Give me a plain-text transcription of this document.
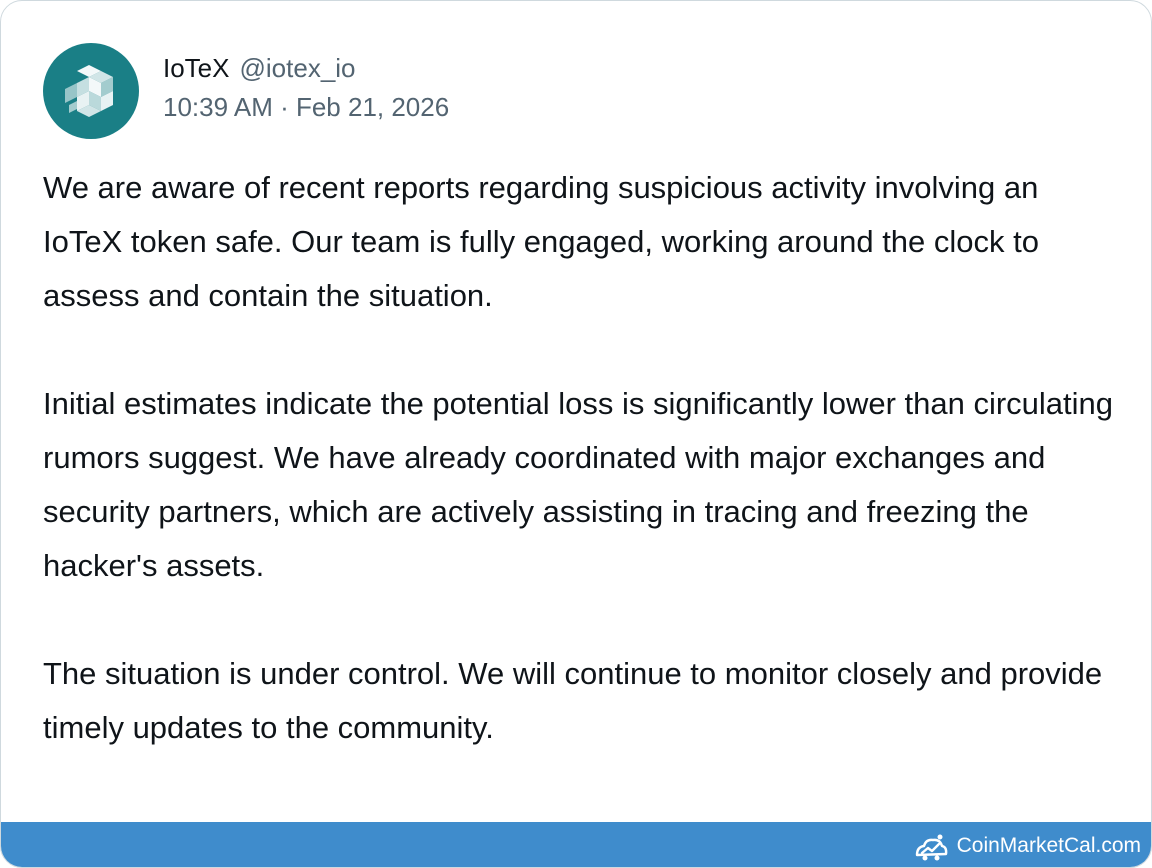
IoTeX @iotex_io
10:39 AM · Feb 21, 2026

We are aware of recent reports regarding suspicious activity involving an IoTeX token safe. Our team is fully engaged, working around the clock to assess and contain the situation.

Initial estimates indicate the potential loss is significantly lower than circulating rumors suggest. We have already coordinated with major exchanges and security partners, which are actively assisting in tracing and freezing the hacker's assets.

The situation is under control. We will continue to monitor closely and provide timely updates to the community.

CoinMarketCal.com
